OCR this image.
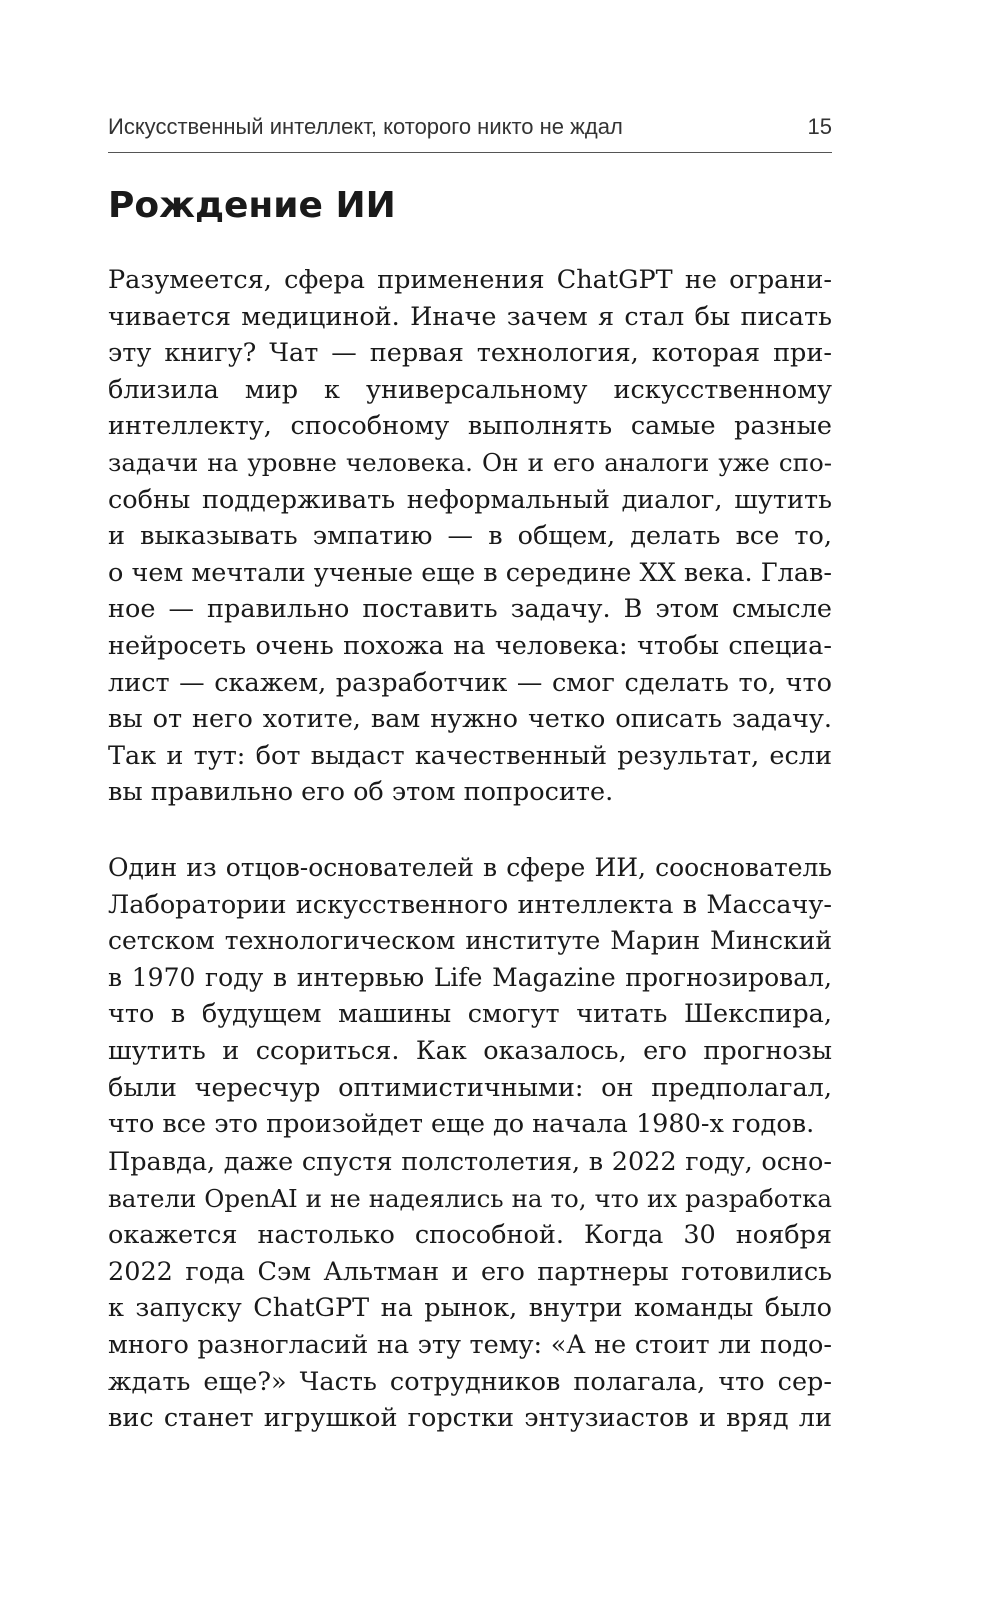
Искусственный интеллект, которого никто не ждал	15
Рождение ИИ
Разумеется, сфера применения ChatGPT не ограни-
чивается медициной. Иначе зачем я стал бы писать
эту книгу? Чат — первая технология, которая при-
близила мир к универсальному искусственному
интеллекту, способному выполнять самые разные
задачи на уровне человека. Он и его аналоги уже спо-
собны поддерживать неформальный диалог, шутить
и выказывать эмпатию — в общем, делать все то,
о чем мечтали ученые еще в середине XX века. Глав-
ное — правильно поставить задачу. В этом смысле
нейросеть очень похожа на человека: чтобы специа-
лист — скажем, разработчик — смог сделать то, что
вы от него хотите, вам нужно четко описать задачу.
Так и тут: бот выдаст качественный результат, если
вы правильно его об этом попросите.
Один из отцов-основателей в сфере ИИ, сооснователь
Лаборатории искусственного интеллекта в Массачу-
сетском технологическом институте Марин Минский
в 1970 году в интервью Life Magazine прогнозировал,
что в будущем машины смогут читать Шекспира,
шутить и ссориться. Как оказалось, его прогнозы
были чересчур оптимистичными: он предполагал,
что все это произойдет еще до начала 1980-х годов.
Правда, даже спустя полстолетия, в 2022 году, осно-
ватели OpenAI и не надеялись на то, что их разработка
окажется настолько способной. Когда 30 ноября
2022 года Сэм Альтман и его партнеры готовились
к запуску ChatGPT на рынок, внутри команды было
много разногласий на эту тему: «А не стоит ли подо-
ждать еще?» Часть сотрудников полагала, что сер-
вис станет игрушкой горстки энтузиастов и вряд ли
